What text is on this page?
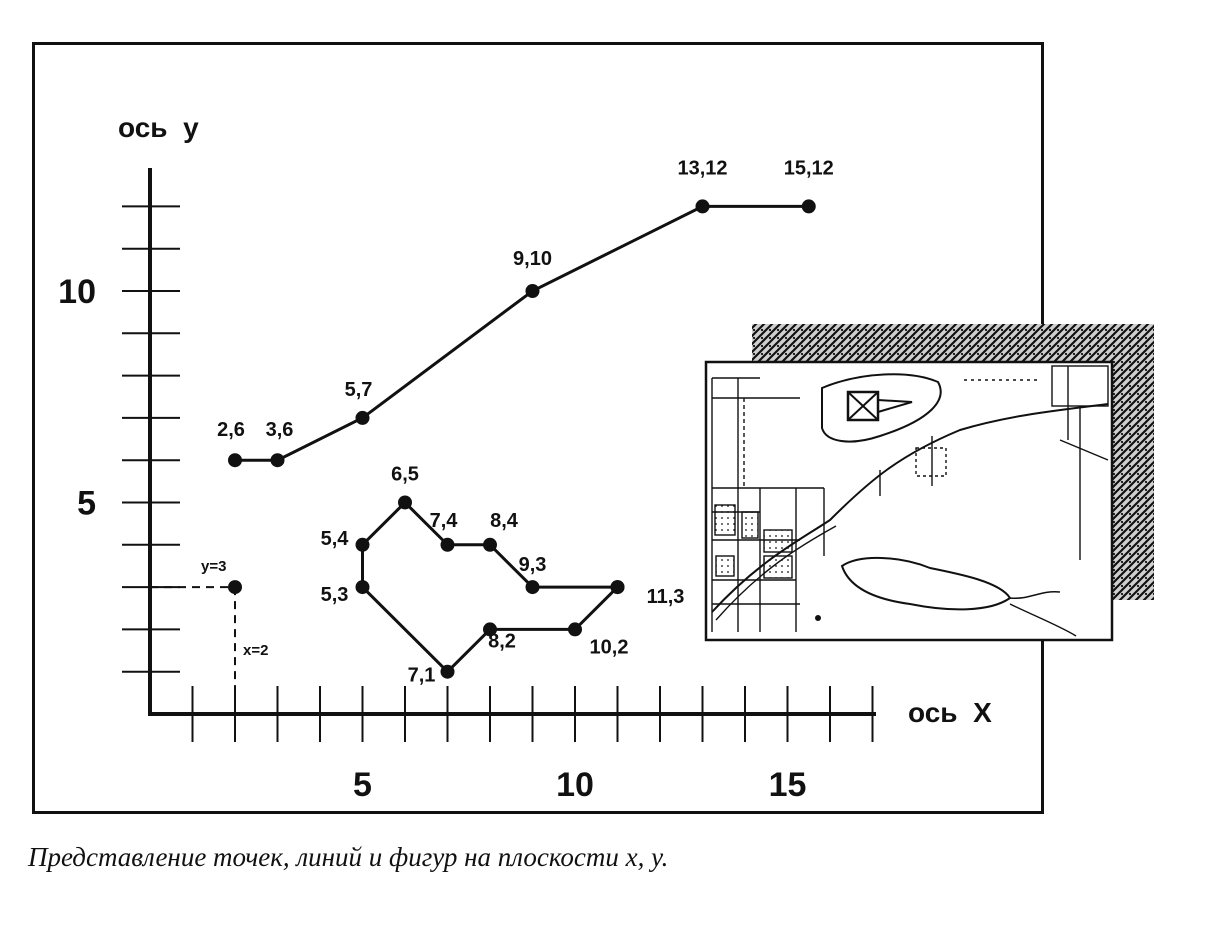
5
10
5	10	15
ось  y
ось  X
2,6 3,6
5,7
9,10
13,12	15,12
11,3
9,3
8,4
7,4
6,5
5,4
5,3
7,1
8,2	10,2
y=3
x=2
Представление точек, линий и фигур на плоскости x, y.
